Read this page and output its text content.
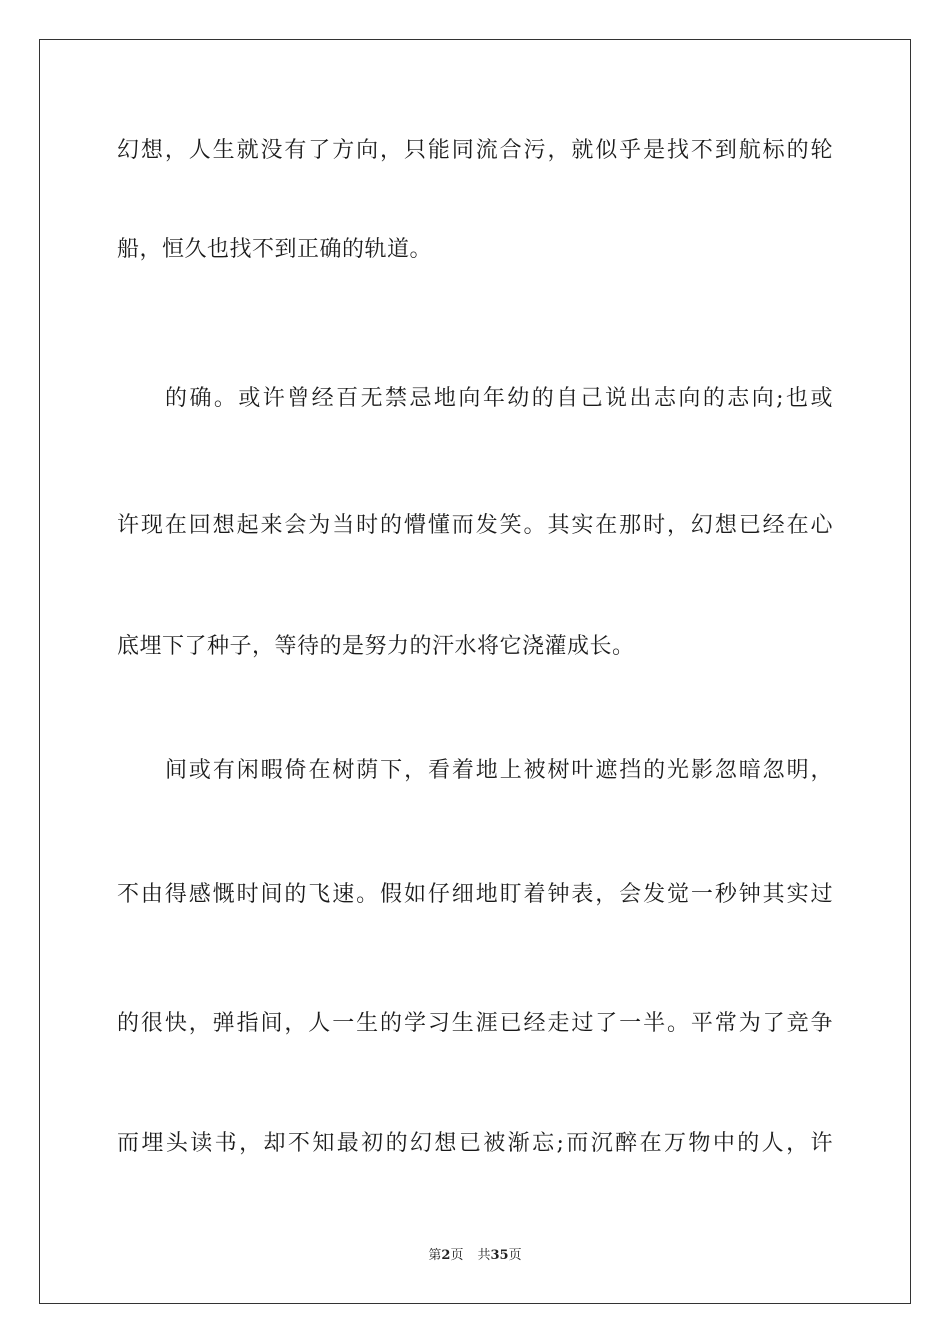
幻想，人生就没有了方向，只能同流合污，就似乎是找不到航标的轮
船，恒久也找不到正确的轨道。
的确。或许曾经百无禁忌地向年幼的自己说出志向的志向;也或
许现在回想起来会为当时的懵懂而发笑。其实在那时，幻想已经在心
底埋下了种子，等待的是努力的汗水将它浇灌成长。
间或有闲暇倚在树荫下，看着地上被树叶遮挡的光影忽暗忽明，
不由得感慨时间的飞速。假如仔细地盯着钟表，会发觉一秒钟其实过
的很快，弹指间，人一生的学习生涯已经走过了一半。平常为了竞争
而埋头读书，却不知最初的幻想已被渐忘;而沉醉在万物中的人，许
第2页 共35页
